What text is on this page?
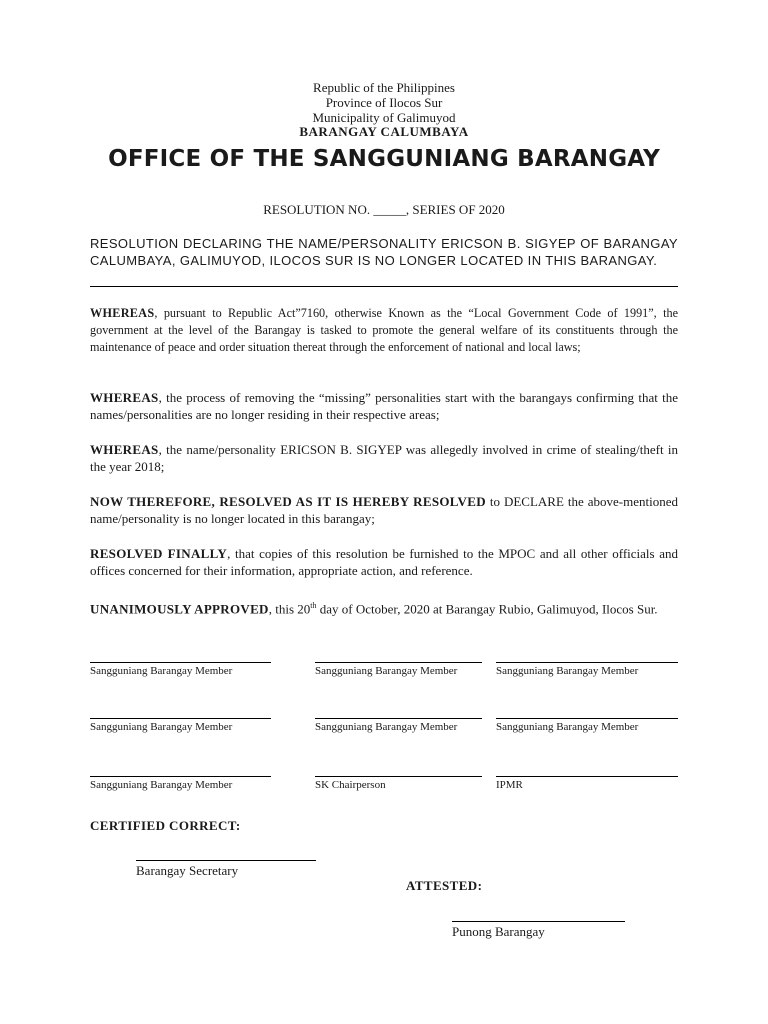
Republic of the Philippines
Province of Ilocos Sur
Municipality of Galimuyod
BARANGAY CALUMBAYA
OFFICE OF THE SANGGUNIANG BARANGAY
RESOLUTION NO. _____, SERIES OF 2020
RESOLUTION DECLARING THE NAME/PERSONALITY ERICSON B. SIGYEP OF BARANGAY CALUMBAYA, GALIMUYOD, ILOCOS SUR IS NO LONGER LOCATED IN THIS BARANGAY.
WHEREAS, pursuant to Republic Act”7160, otherwise Known as the “Local Government Code of 1991”, the government at the level of the Barangay is tasked to promote the general welfare of its constituents through the maintenance of peace and order situation thereat through the enforcement of national and local laws;
WHEREAS, the process of removing the “missing” personalities start with the barangays confirming that the names/personalities are no longer residing in their respective areas;
WHEREAS, the name/personality ERICSON B. SIGYEP was allegedly involved in crime of stealing/theft in the year 2018;
NOW THEREFORE, RESOLVED AS IT IS HEREBY RESOLVED to DECLARE the above-mentioned name/personality is no longer located in this barangay;
RESOLVED FINALLY, that copies of this resolution be furnished to the MPOC and all other officials and offices concerned for their information, appropriate action, and reference.
UNANIMOUSLY APPROVED, this 20th day of October, 2020 at Barangay Rubio, Galimuyod, Ilocos Sur.
Sangguniang Barangay Member	Sangguniang Barangay Member	Sangguniang Barangay Member
Sangguniang Barangay Member	Sangguniang Barangay Member	Sangguniang Barangay Member
Sangguniang Barangay Member	SK Chairperson	IPMR
CERTIFIED CORRECT:
Barangay Secretary
ATTESTED:
Punong Barangay
